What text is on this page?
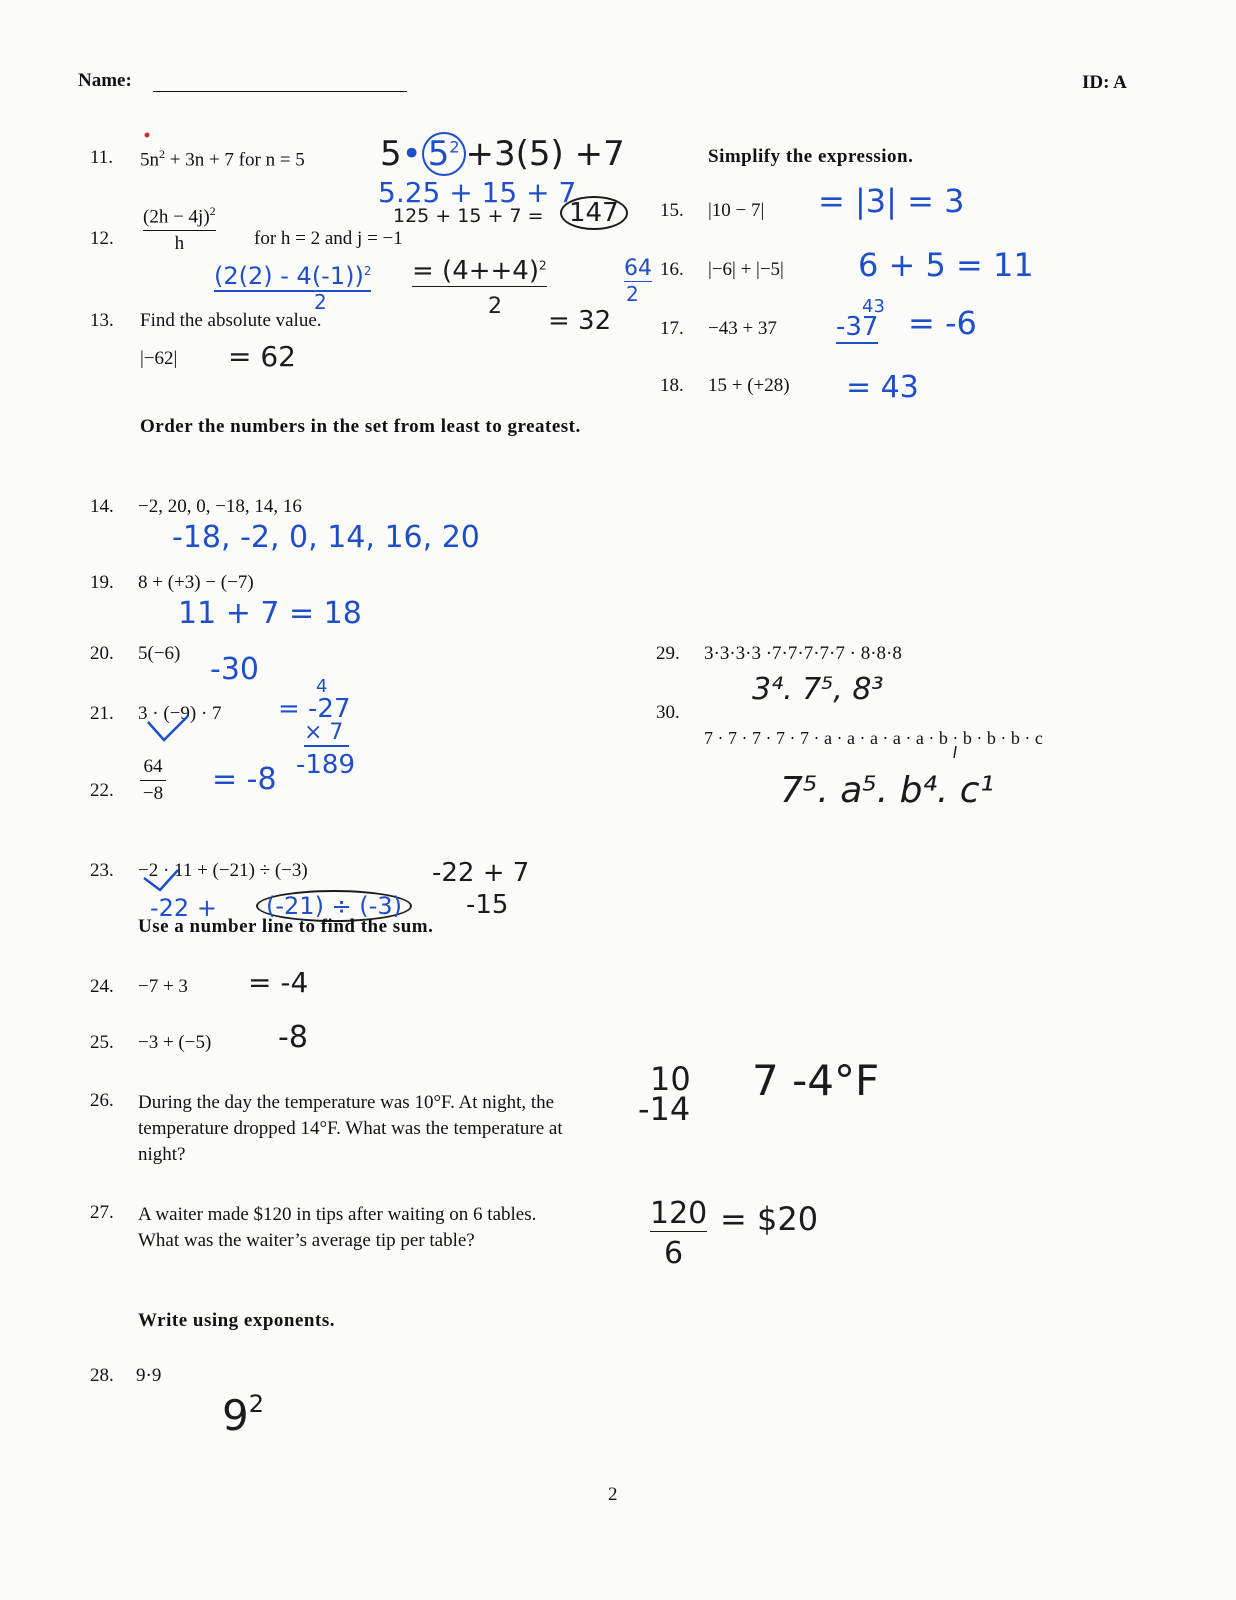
Name:	ID: A
11. $5n^2 + 3n + 7$ for n = 5 5• $5^2 +3(5) +7$
5.25 + 15 + 7
125 + 15 + 7 = 147
12. $\frac{(2h - 4j)^2}{h}$ for h = 2 and j = −1
$(2(2) - 4(-1))^2 = (4++4)^2$
2	2
64
2
= 32
13. Find the absolute value.
|−62| = 62
Order the numbers in the set from least to greatest.
14. −2, 20, 0, −18, 14, 16
-18, -2, 0, 14, 16, 20
Simplify the expression.
15. |10 − 7| = |3| = 3
16. |−6| + |−5| 6 + 5 = 11
17. −43 + 37
43
-37 = -6
18. 15 + (+28) = 43
19. 8 + (+3) − (−7)
11 + 7 = 18
20. 5(−6) -30
21. 3 · (−9) · 7
4
= -27
× 7
-189
22. $\frac{64}{-8} = -8$
23. −2 · 11 + (−21) ÷ (−3)
-22 +	(-21) ÷ (-3)
-22 + 7
-15
Use a number line to find the sum.
24. −7 + 3 = -4
25. −3 + (−5) -8
26. During the day the temperature was 10°F. At night, the temperature dropped 14°F. What was the temperature at night?
10
-14
7 -4°F
27. A waiter made $120 in tips after waiting on 6 tables. What was the waiter’s average tip per table?
120
6
= $20
Write using exponents.
28. 9·9
$9^2$
29. 3·3·3·3 ·7·7·7·7·7 · 8·8·8
3⁴. 7⁵, 8³
30.
7 · 7 · 7 · 7 · 7 · a · a · a · a · a · b · b · b · b · c
7⁵. a⁵. b⁴. c¹
2
